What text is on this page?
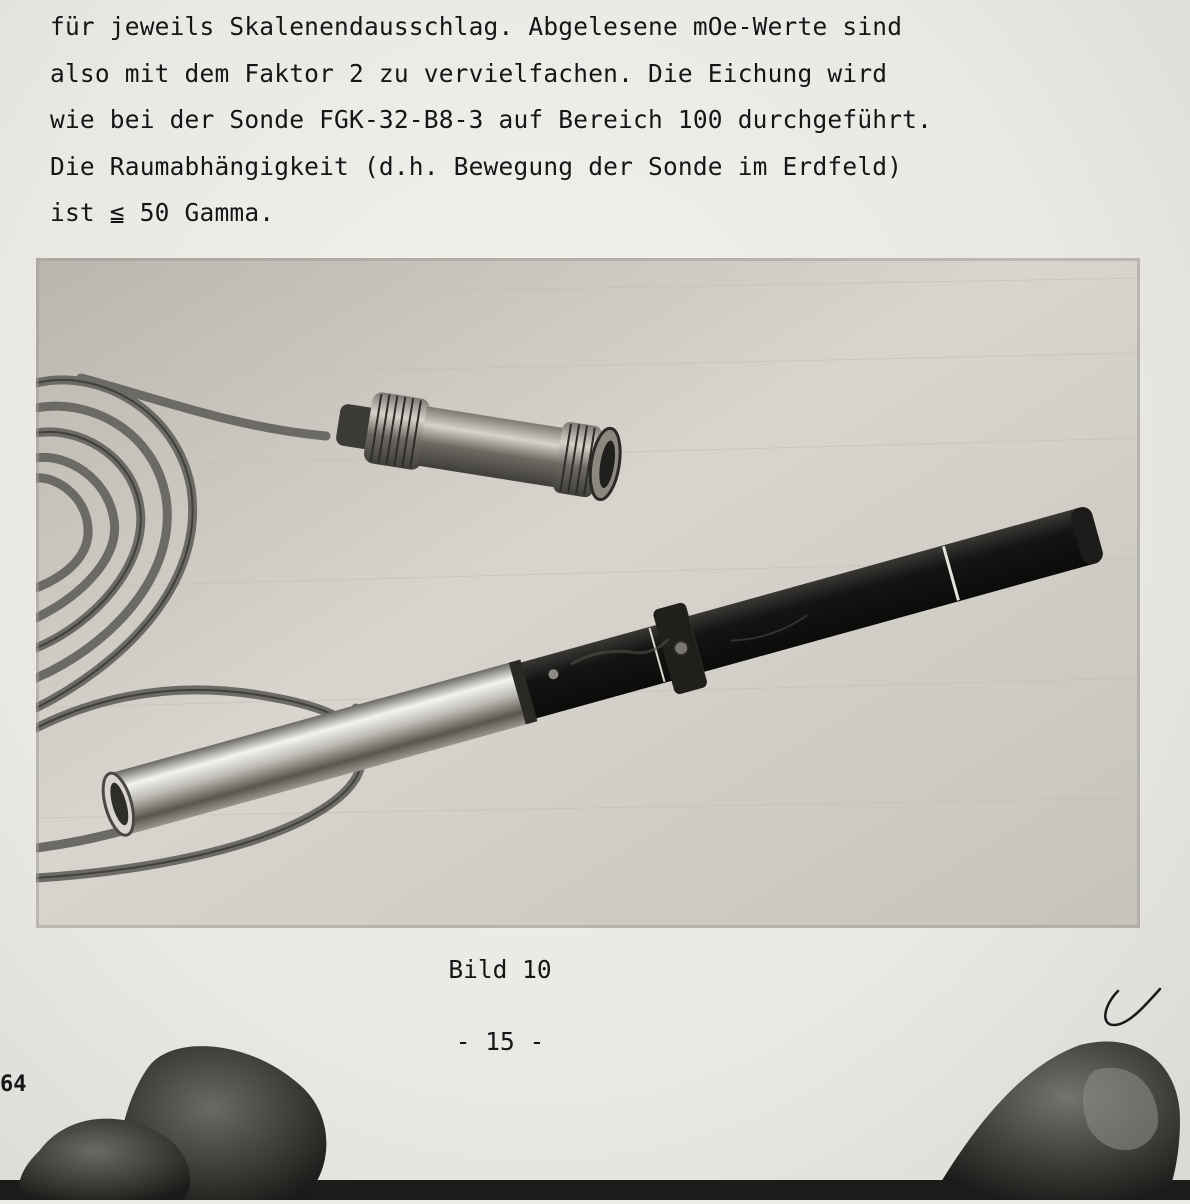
für jeweils Skalenendausschlag. Abgelesene mOe-Werte sind
also mit dem Faktor 2 zu vervielfachen. Die Eichung wird
wie bei der Sonde FGK-32-B8-3 auf Bereich 100 durchgeführt.
Die Raumabhängigkeit (d.h. Bewegung der Sonde im Erdfeld)
ist ≦ 50 Gamma.
Bild 10
- 15 -
64
